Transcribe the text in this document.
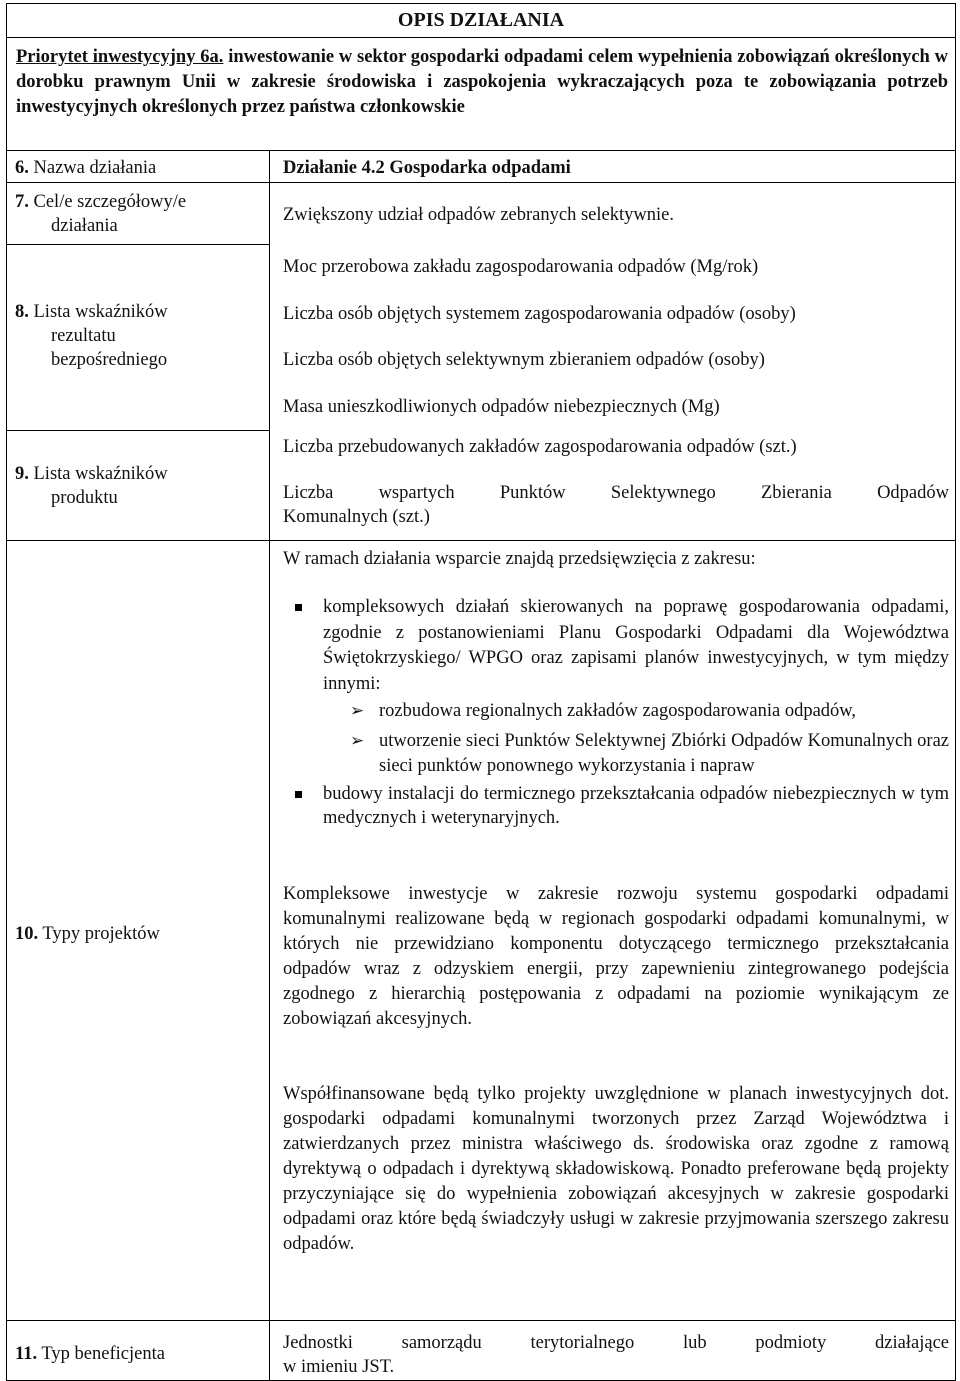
OPIS DZIAŁANIA
Priorytet inwestycyjny 6a. inwestowanie w sektor gospodarki odpadami celem wypełnienia zobowiązań określonych w dorobku prawnym Unii w zakresie środowiska i zaspokojenia wykraczających poza te zobowiązania potrzeb inwestycyjnych określonych przez państwa członkowskie
6. Nazwa działania	Działanie 4.2 Gospodarka odpadami
7. Cel/e szczegółowy/e
działania
Zwiększony udział odpadów zebranych selektywnie.
8. Lista wskaźników
rezultatu
bezpośredniego
Moc przerobowa zakładu zagospodarowania odpadów (Mg/rok)
Liczba osób objętych systemem zagospodarowania odpadów (osoby)
Liczba osób objętych selektywnym zbieraniem odpadów (osoby)
Masa unieszkodliwionych odpadów niebezpiecznych (Mg)
9. Lista wskaźników
produktu
Liczba przebudowanych zakładów zagospodarowania odpadów (szt.)
Liczba wspartych Punktów Selektywnego Zbierania Odpadów
Komunalnych (szt.)
10. Typy projektów
W ramach działania wsparcie znajdą przedsięwzięcia z zakresu:
kompleksowych działań skierowanych na poprawę gospodarowania odpadami, zgodnie z postanowieniami Planu Gospodarki Odpadami dla Województwa Świętokrzyskiego/ WPGO oraz zapisami planów inwestycyjnych, w tym między innymi:
➢ rozbudowa regionalnych zakładów zagospodarowania odpadów,
➢ utworzenie sieci Punktów Selektywnej Zbiórki Odpadów Komunalnych oraz sieci punktów ponownego wykorzystania i napraw
budowy instalacji do termicznego przekształcania odpadów niebezpiecznych w tym medycznych i weterynaryjnych.
Kompleksowe inwestycje w zakresie rozwoju systemu gospodarki odpadami komunalnymi realizowane będą w regionach gospodarki odpadami komunalnymi, w których nie przewidziano komponentu dotyczącego termicznego przekształcania odpadów wraz z odzyskiem energii, przy zapewnieniu zintegrowanego podejścia zgodnego z hierarchią postępowania z odpadami na poziomie wynikającym ze zobowiązań akcesyjnych.
Współfinansowane będą tylko projekty uwzględnione w planach inwestycyjnych dot. gospodarki odpadami komunalnymi tworzonych przez Zarząd Województwa i zatwierdzanych przez ministra właściwego ds. środowiska oraz zgodne z ramową dyrektywą o odpadach i dyrektywą składowiskową. Ponadto preferowane będą projekty przyczyniające się do wypełnienia zobowiązań akcesyjnych w zakresie gospodarki odpadami oraz które będą świadczyły usługi w zakresie przyjmowania szerszego zakresu odpadów.
11. Typ beneficjenta
Jednostki samorządu terytorialnego lub podmioty działające
w imieniu JST.
